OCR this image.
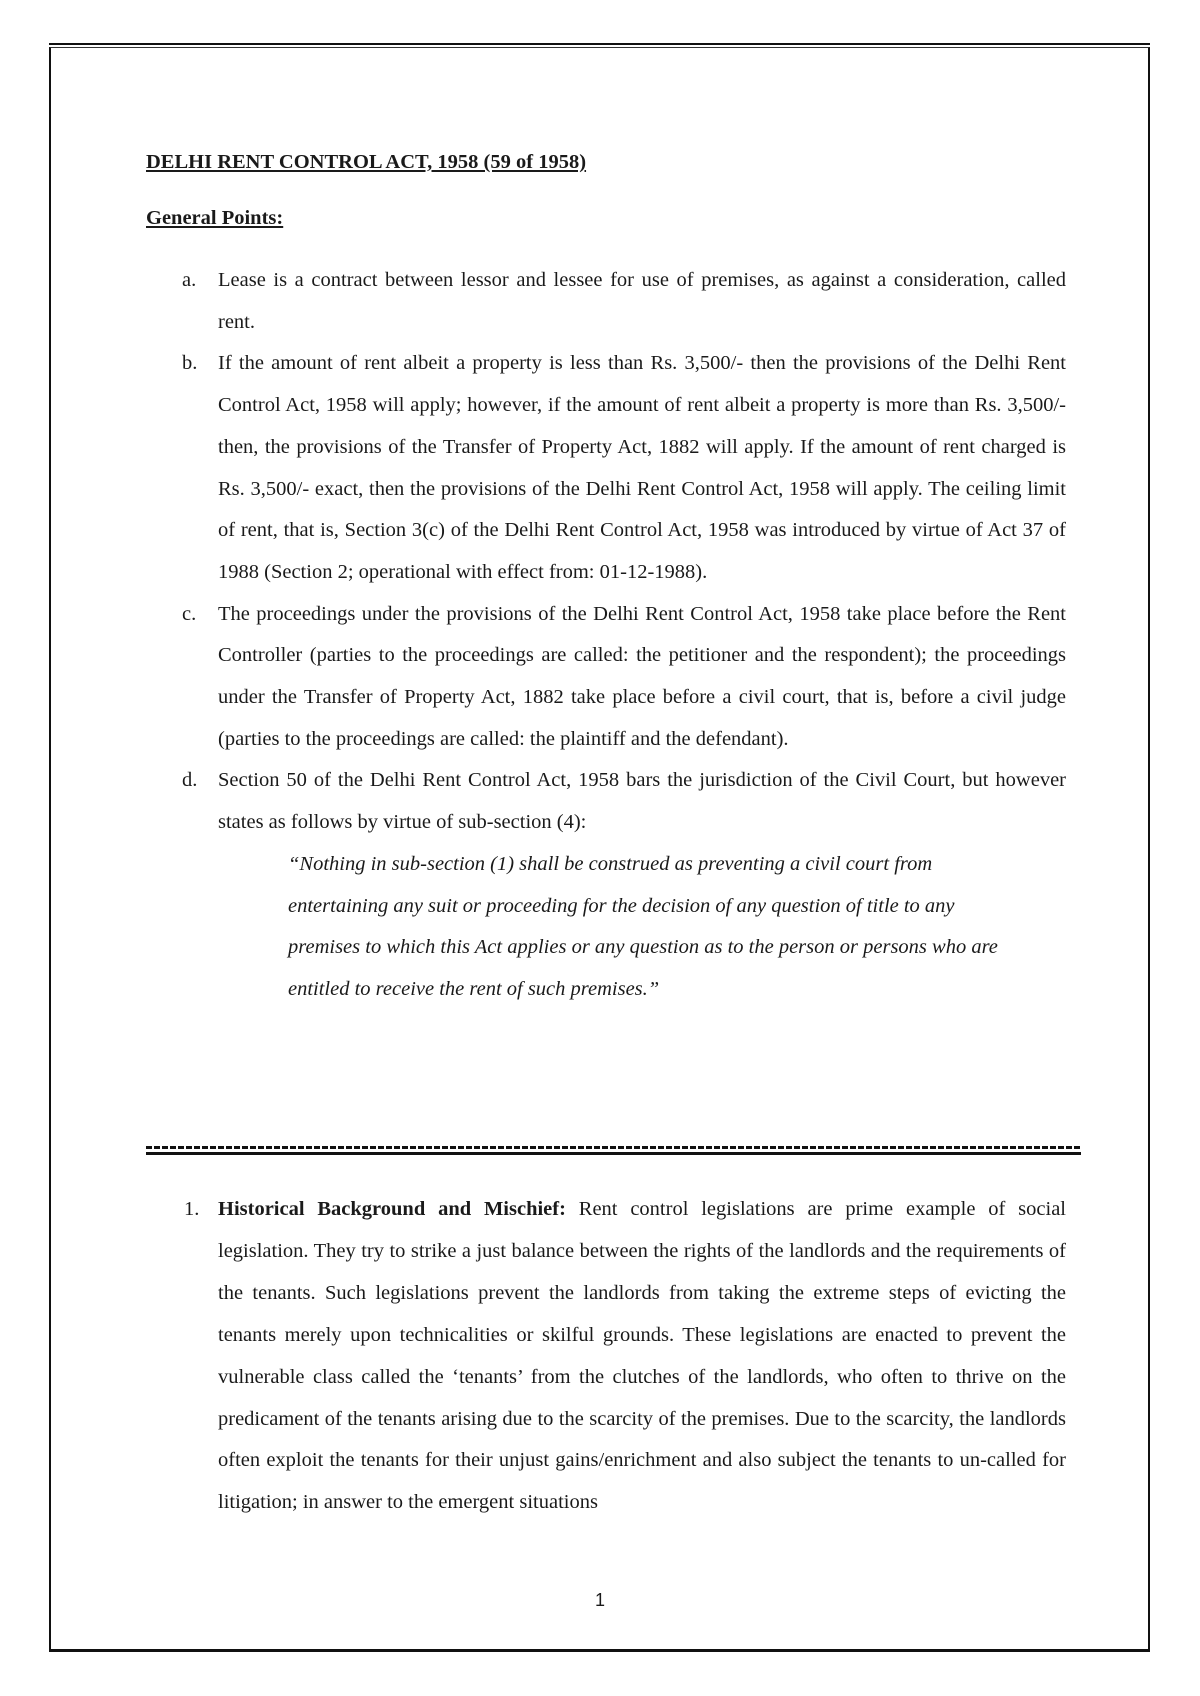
DELHI RENT CONTROL ACT, 1958 (59 of 1958)

General Points:
a. Lease is a contract between lessor and lessee for use of premises, as against a consideration, called rent.
b. If the amount of rent albeit a property is less than Rs. 3,500/- then the provisions of the Delhi Rent Control Act, 1958 will apply; however, if the amount of rent albeit a property is more than Rs. 3,500/- then, the provisions of the Transfer of Property Act, 1882 will apply. If the amount of rent charged is Rs. 3,500/- exact, then the provisions of the Delhi Rent Control Act, 1958 will apply. The ceiling limit of rent, that is, Section 3(c) of the Delhi Rent Control Act, 1958 was introduced by virtue of Act 37 of 1988 (Section 2; operational with effect from: 01-12-1988).
c. The proceedings under the provisions of the Delhi Rent Control Act, 1958 take place before the Rent Controller (parties to the proceedings are called: the petitioner and the respondent); the proceedings under the Transfer of Property Act, 1882 take place before a civil court, that is, before a civil judge (parties to the proceedings are called: the plaintiff and the defendant).
d. Section 50 of the Delhi Rent Control Act, 1958 bars the jurisdiction of the Civil Court, but however states as follows by virtue of sub-section (4):
“Nothing in sub-section (1) shall be construed as preventing a civil court from entertaining any suit or proceeding for the decision of any question of title to any premises to which this Act applies or any question as to the person or persons who are entitled to receive the rent of such premises.”
1. Historical Background and Mischief: Rent control legislations are prime example of social legislation. They try to strike a just balance between the rights of the landlords and the requirements of the tenants. Such legislations prevent the landlords from taking the extreme steps of evicting the tenants merely upon technicalities or skilful grounds. These legislations are enacted to prevent the vulnerable class called the ‘tenants’ from the clutches of the landlords, who often to thrive on the predicament of the tenants arising due to the scarcity of the premises. Due to the scarcity, the landlords often exploit the tenants for their unjust gains/enrichment and also subject the tenants to un-called for litigation; in answer to the emergent situations
1
